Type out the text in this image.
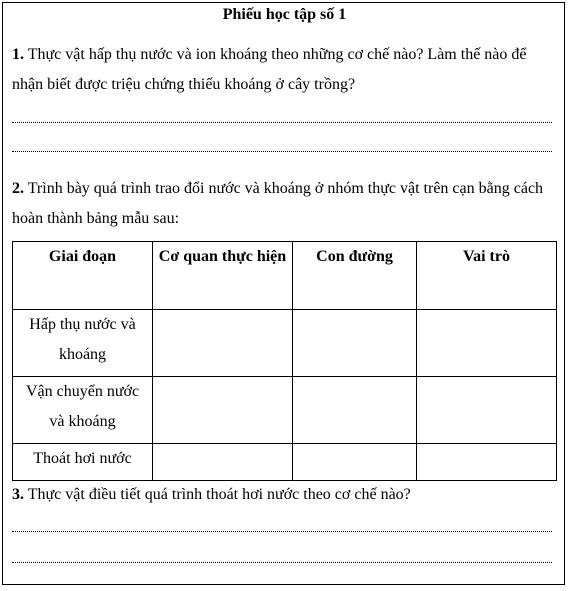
Phiếu học tập số 1
1. Thực vật hấp thụ nước và ion khoáng theo những cơ chế nào? Làm thế nào để nhận biết được triệu chứng thiếu khoáng ở cây trồng?
2. Trình bày quá trình trao đổi nước và khoáng ở nhóm thực vật trên cạn bằng cách hoàn thành bảng mẫu sau:
Giai đoạn	Cơ quan thực hiện	Con đường	Vai trò
Hấp thụ nước và khoáng			
Vận chuyển nước và khoáng			
Thoát hơi nước			
3. Thực vật điều tiết quá trình thoát hơi nước theo cơ chế nào?
